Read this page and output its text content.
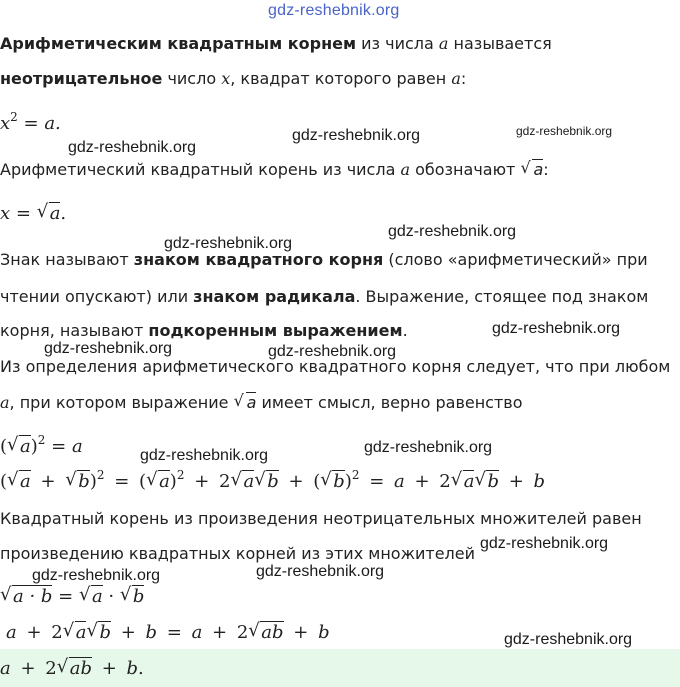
gdz-reshebnik.org
Арифметическим квадратным корнем из числа a называется
неотрицательное число x, квадрат которого равен a:
$x^2 = a$.
Арифметический квадратный корень из числа a обозначают √ a:
x = √ a.
Знак называют знаком квадратного корня (слово «арифметический» при
чтении опускают) или знаком радикала. Выражение, стоящее под знаком
корня, называют подкоренным выражением.
Из определения арифметического квадратного корня следует, что при любом
a, при котором выражение √ a имеет смысл, верно равенство
( √ a)$^2$ = a
( √ a + √ b)$^2$ = ( √ a)$^2$ + 2 √ a √ b + ( √ b)$^2$ = a + 2 √ a √ b + b
Квадратный корень из произведения неотрицательных множителей равен
произведению квадратных корней из этих множителей
√ a · b = √ a · √ b
a + 2 √ a √ b + b = a + 2 √ ab + b
a + 2 √ ab + b.
gdz-reshebnik.org	gdz-reshebnik.org
gdz-reshebnik.org
gdz-reshebnik.org
gdz-reshebnik.org
gdz-reshebnik.org
gdz-reshebnik.org	gdz-reshebnik.org
gdz-reshebnik.org	gdz-reshebnik.org
gdz-reshebnik.org
gdz-reshebnik.org	gdz-reshebnik.org
gdz-reshebnik.org
